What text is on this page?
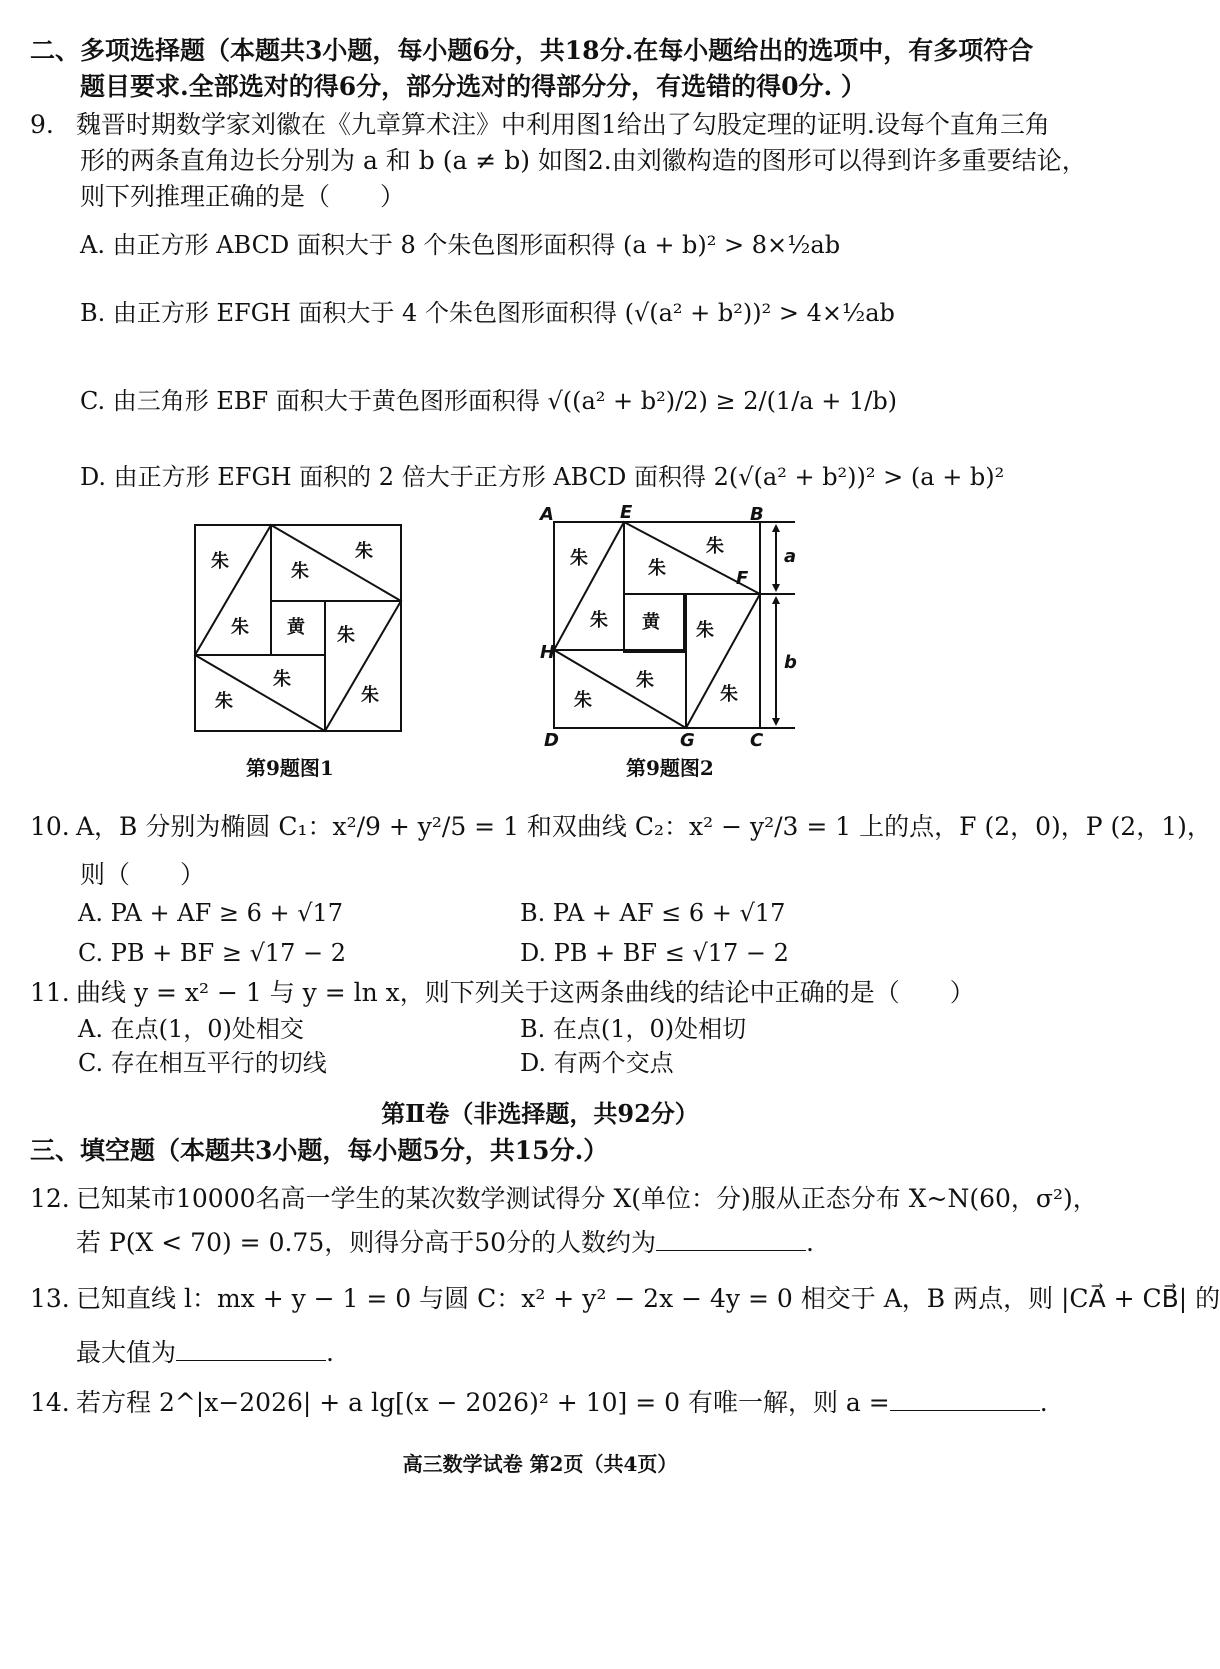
二、多项选择题（本题共3小题，每小题6分，共18分.在每小题给出的选项中，有多项符合
题目要求.全部选对的得6分，部分选对的得部分分，有选错的得0分. ）
9. 魏晋时期数学家刘徽在《九章算术注》中利用图1给出了勾股定理的证明.设每个直角三角
形的两条直角边长分别为 a 和 b (a ≠ b) 如图2.由刘徽构造的图形可以得到许多重要结论，
则下列推理正确的是（　　）
A. 由正方形 ABCD 面积大于 8 个朱色图形面积得 (a + b)² > 8×½ab
B. 由正方形 EFGH 面积大于 4 个朱色图形面积得 (√(a² + b²))² > 4×½ab
C. 由三角形 EBF 面积大于黄色图形面积得 √((a² + b²)/2) ≥ 2/(1/a + 1/b)
D. 由正方形 EFGH 面积的 2 倍大于正方形 ABCD 面积得 2(√(a² + b²))² > (a + b)²
朱	朱
朱
朱 黄 朱
朱
朱	朱
第9题图1
朱	朱
朱
朱 黄 朱
朱
朱	朱
A	E	B
F
H
D	G	C
a
b
第9题图2
10. A，B 分别为椭圆 C₁：x²/9 + y²/5 = 1 和双曲线 C₂：x² − y²/3 = 1 上的点，F (2，0)，P (2，1)，
则（　　）
A. PA + AF ≥ 6 + √17	B. PA + AF ≤ 6 + √17
C. PB + BF ≥ √17 − 2	D. PB + BF ≤ √17 − 2
11. 曲线 y = x² − 1 与 y = ln x，则下列关于这两条曲线的结论中正确的是（　　）
A. 在点(1，0)处相交	B. 在点(1，0)处相切
C. 存在相互平行的切线	D. 有两个交点
第Ⅱ卷（非选择题，共92分）
三、填空题（本题共3小题，每小题5分，共15分.）
12. 已知某市10000名高一学生的某次数学测试得分 X(单位：分)服从正态分布 X~N(60，σ²)，
若 P(X < 70) = 0.75，则得分高于50分的人数约为	.
13. 已知直线 l：mx + y − 1 = 0 与圆 C：x² + y² − 2x − 4y = 0 相交于 A，B 两点，则 |CA⃗ + CB⃗| 的
最大值为	.
14. 若方程 2^|x−2026| + a lg[(x − 2026)² + 10] = 0 有唯一解，则 a =	.
高三数学试卷 第2页（共4页）
